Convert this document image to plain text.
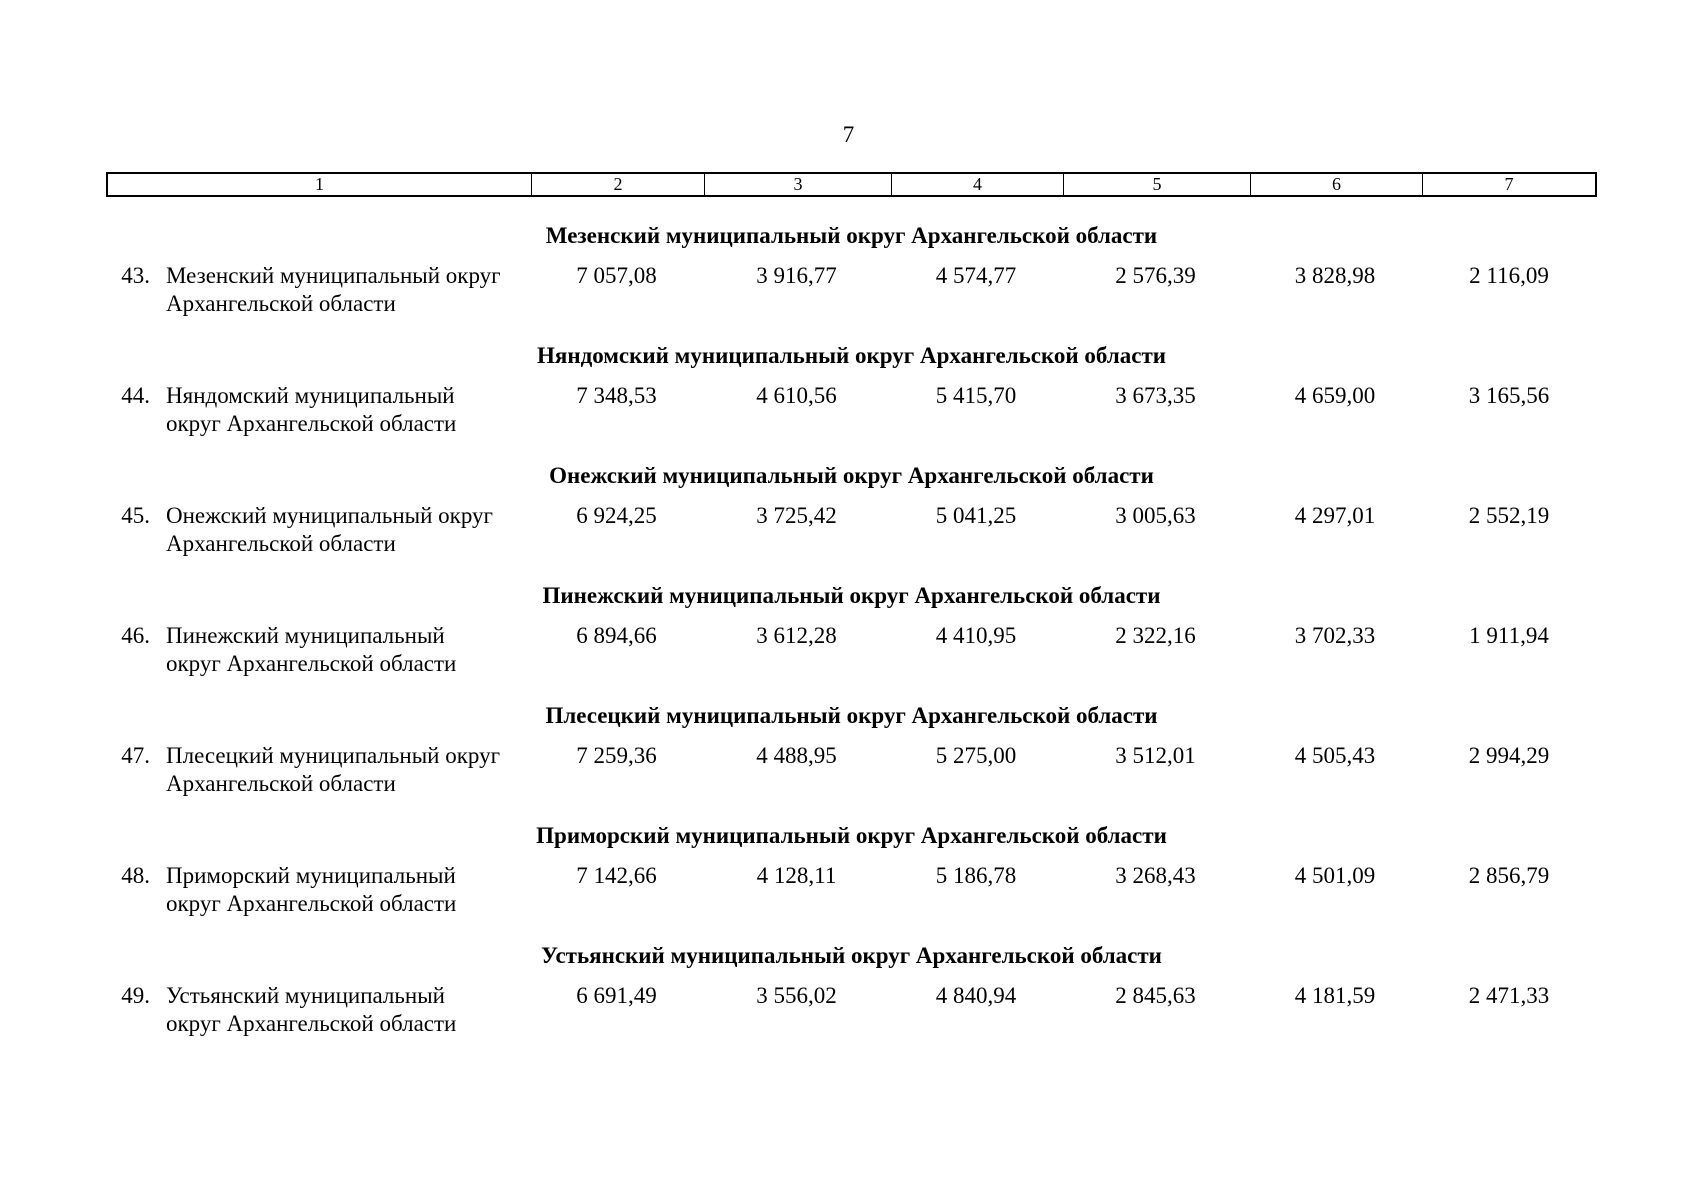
7
1	2	3	4	5	6	7
Мезенский муниципальный округ Архангельской области
43. Мезенский муниципальный округ
Архангельской области
7 057,08	3 916,77	4 574,77	2 576,39	3 828,98	2 116,09
Няндомский муниципальный округ Архангельской области
44. Няндомский муниципальный
округ Архангельской области
7 348,53	4 610,56	5 415,70	3 673,35	4 659,00	3 165,56
Онежский муниципальный округ Архангельской области
45. Онежский муниципальный округ
Архангельской области
6 924,25	3 725,42	5 041,25	3 005,63	4 297,01	2 552,19
Пинежский муниципальный округ Архангельской области
46. Пинежский муниципальный
округ Архангельской области
6 894,66	3 612,28	4 410,95	2 322,16	3 702,33	1 911,94
Плесецкий муниципальный округ Архангельской области
47. Плесецкий муниципальный округ
Архангельской области
7 259,36	4 488,95	5 275,00	3 512,01	4 505,43	2 994,29
Приморский муниципальный округ Архангельской области
48. Приморский муниципальный
округ Архангельской области
7 142,66	4 128,11	5 186,78	3 268,43	4 501,09	2 856,79
Устьянский муниципальный округ Архангельской области
49. Устьянский муниципальный
округ Архангельской области
6 691,49	3 556,02	4 840,94	2 845,63	4 181,59	2 471,33
